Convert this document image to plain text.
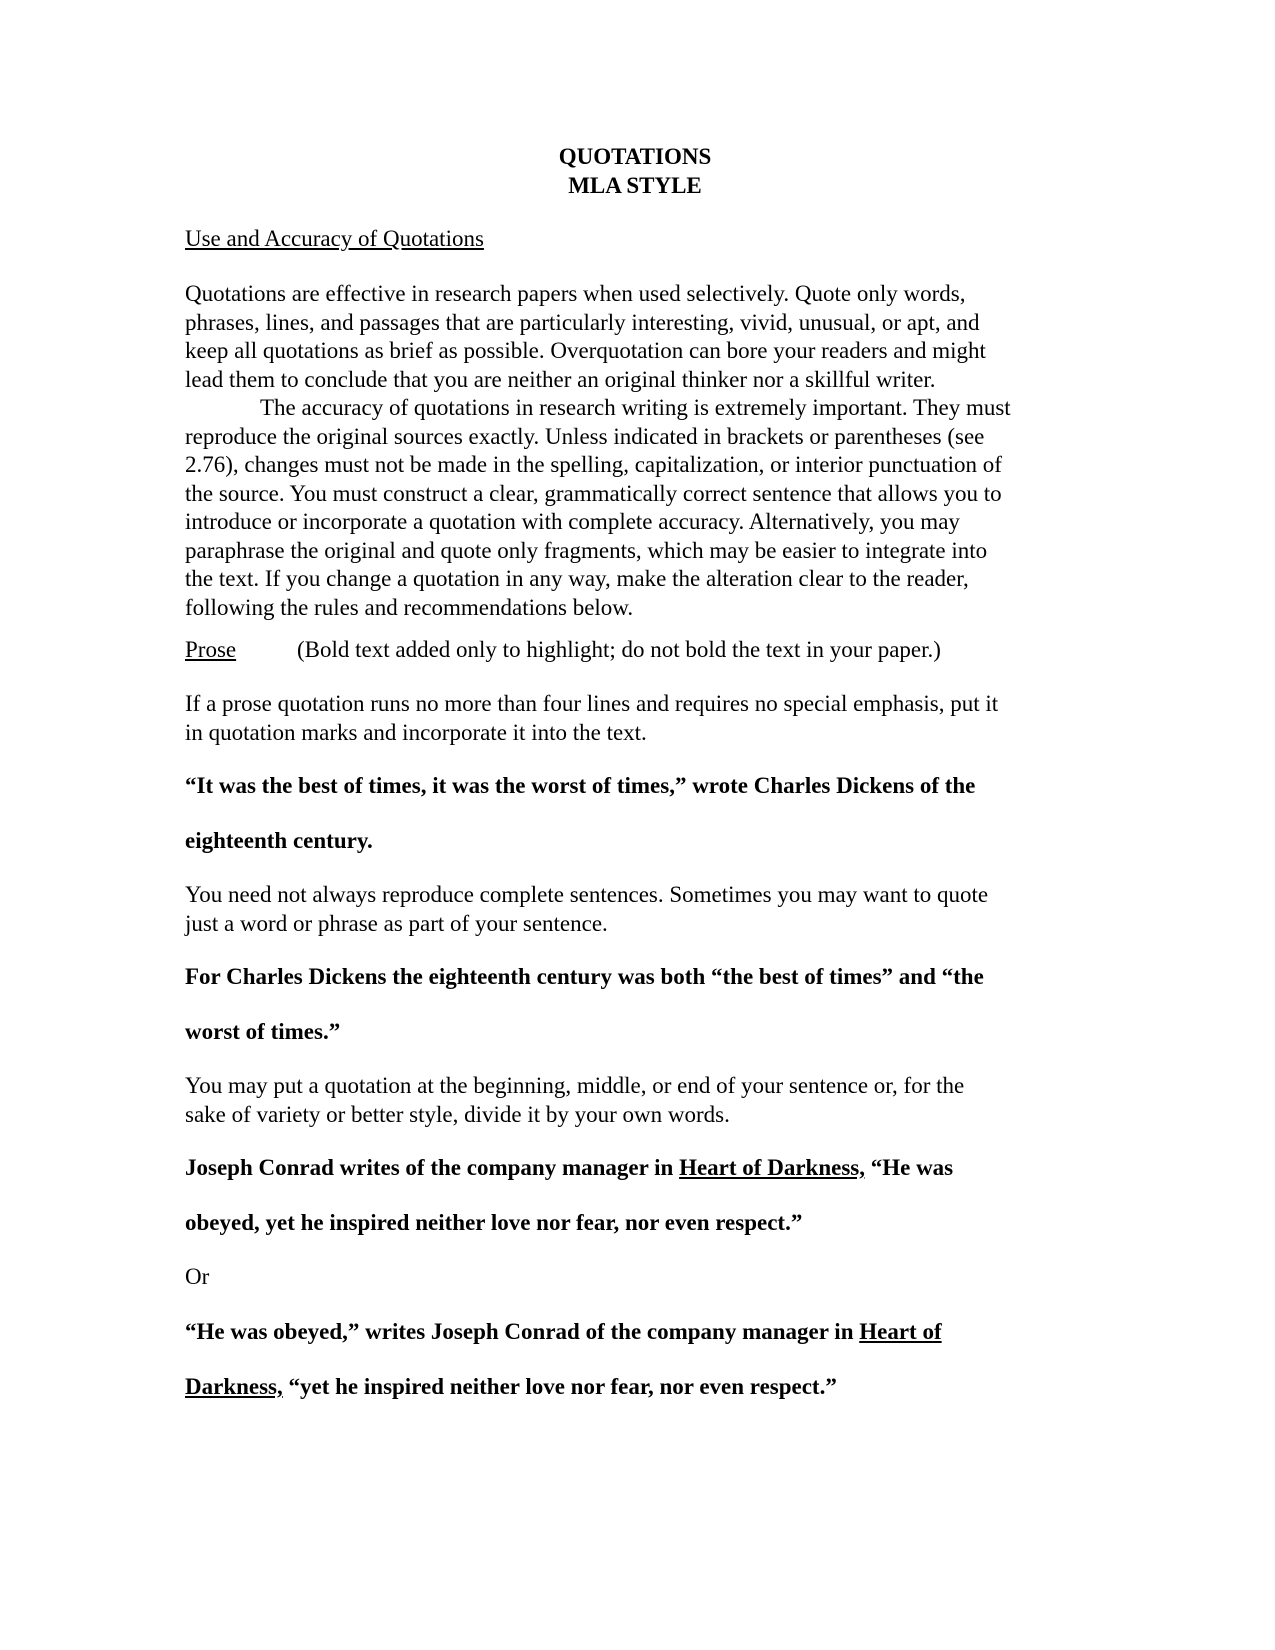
QUOTATIONS
MLA STYLE
Use and Accuracy of Quotations
Quotations are effective in research papers when used selectively. Quote only words,
phrases, lines, and passages that are particularly interesting, vivid, unusual, or apt, and
keep all quotations as brief as possible. Overquotation can bore your readers and might
lead them to conclude that you are neither an original thinker nor a skillful writer.
The accuracy of quotations in research writing is extremely important. They must
reproduce the original sources exactly. Unless indicated in brackets or parentheses (see
2.76), changes must not be made in the spelling, capitalization, or interior punctuation of
the source. You must construct a clear, grammatically correct sentence that allows you to
introduce or incorporate a quotation with complete accuracy. Alternatively, you may
paraphrase the original and quote only fragments, which may be easier to integrate into
the text. If you change a quotation in any way, make the alteration clear to the reader,
following the rules and recommendations below.
Prose	(Bold text added only to highlight; do not bold the text in your paper.)
If a prose quotation runs no more than four lines and requires no special emphasis, put it
in quotation marks and incorporate it into the text.
“It was the best of times, it was the worst of times,” wrote Charles Dickens of the
eighteenth century.
You need not always reproduce complete sentences. Sometimes you may want to quote
just a word or phrase as part of your sentence.
For Charles Dickens the eighteenth century was both “the best of times” and “the
worst of times.”
You may put a quotation at the beginning, middle, or end of your sentence or, for the
sake of variety or better style, divide it by your own words.
Joseph Conrad writes of the company manager in Heart of Darkness, “He was
obeyed, yet he inspired neither love nor fear, nor even respect.”
Or
“He was obeyed,” writes Joseph Conrad of the company manager in Heart of
Darkness, “yet he inspired neither love nor fear, nor even respect.”
